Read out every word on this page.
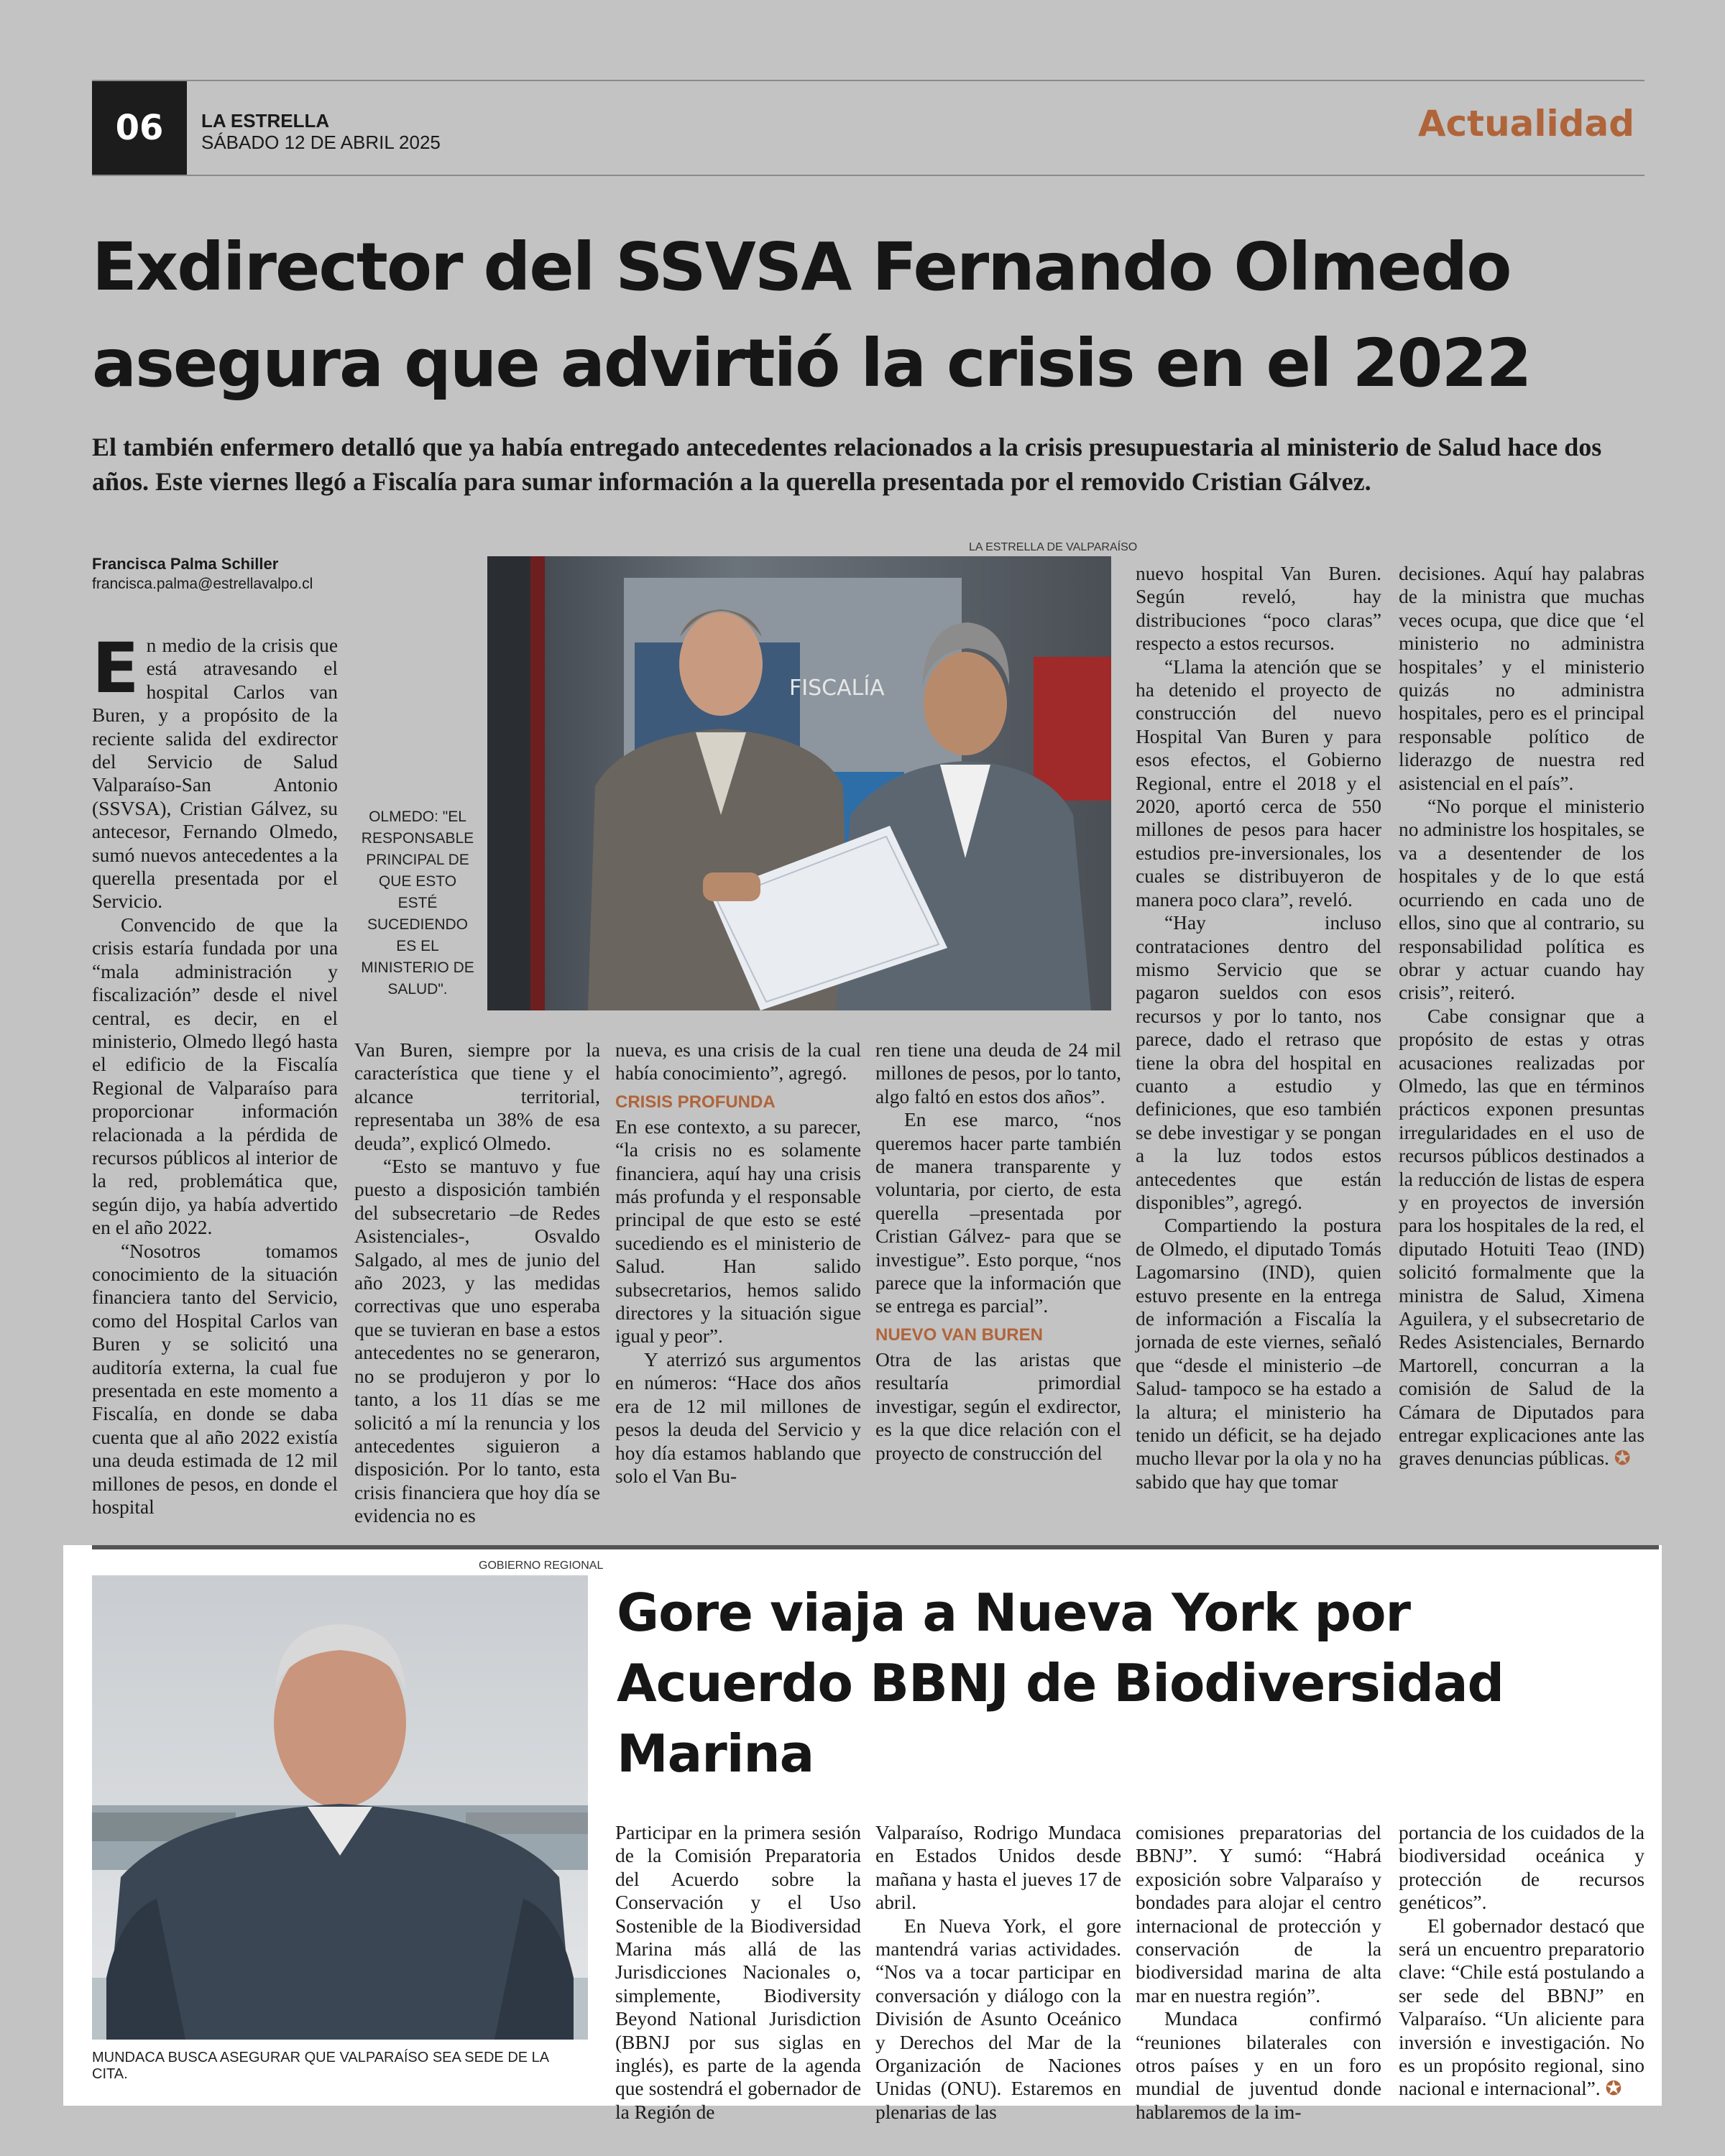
06	LA ESTRELLA
SÁBADO 12 DE ABRIL 2025	Actualidad
Exdirector del SSVSA Fernando Olmedo asegura que advirtió la crisis en el 2022
El también enfermero detalló que ya había entregado antecedentes relacionados a la crisis presupuestaria al ministerio de Salud hace dos años. Este viernes llegó a Fiscalía para sumar información a la querella presentada por el removido Cristian Gálvez.
Francisca Palma Schiller
francisca.palma@estrellavalpo.cl
LA ESTRELLA DE VALPARAÍSO
FISCALÍA
OLMEDO: "EL RESPONSABLE PRINCIPAL DE QUE ESTO ESTÉ SUCEDIENDO ES EL MINISTERIO DE SALUD".

En medio de la crisis que está atravesando el hospital Carlos van Buren, y a propósito de la reciente salida del exdirector del Servicio de Salud Valparaíso-San Antonio (SSVSA), Cristian Gálvez, su antecesor, Fernando Olmedo, sumó nuevos antecedentes a la querella presentada por el Servicio.

Convencido de que la crisis estaría fundada por una “mala administración y fiscalización” desde el nivel central, es decir, en el ministerio, Olmedo llegó hasta el edificio de la Fiscalía Regional de Valparaíso para proporcionar información relacionada a la pérdida de recursos públicos al interior de la red, problemática que, según dijo, ya había advertido en el año 2022.

“Nosotros tomamos conocimiento de la situación financiera tanto del Servicio, como del Hospital Carlos van Buren y se solicitó una auditoría externa, la cual fue presentada en este momento a Fiscalía, en donde se daba cuenta que al año 2022 existía una deuda estimada de 12 mil millones de pesos, en donde el hospital

Van Buren, siempre por la característica que tiene y el alcance territorial, representaba un 38% de esa deuda”, explicó Olmedo.

“Esto se mantuvo y fue puesto a disposición también del subsecretario –de Redes Asistenciales-, Osvaldo Salgado, al mes de junio del año 2023, y las medidas correctivas que uno esperaba que se tuvieran en base a estos antecedentes no se generaron, no se produjeron y por lo tanto, a los 11 días se me solicitó a mí la renuncia y los antecedentes siguieron a disposición. Por lo tanto, esta crisis financiera que hoy día se evidencia no es

nueva, es una crisis de la cual había conocimiento”, agregó.

CRISIS PROFUNDA

En ese contexto, a su parecer, “la crisis no es solamente financiera, aquí hay una crisis más profunda y el responsable principal de que esto se esté sucediendo es el ministerio de Salud. Han salido subsecretarios, hemos salido directores y la situación sigue igual y peor”.

Y aterrizó sus argumentos en números: “Hace dos años era de 12 mil millones de pesos la deuda del Servicio y hoy día estamos hablando que solo el Van Bu-

ren tiene una deuda de 24 mil millones de pesos, por lo tanto, algo faltó en estos dos años”.

En ese marco, “nos queremos hacer parte también de manera transparente y voluntaria, por cierto, de esta querella –presentada por Cristian Gálvez- para que se investigue”. Esto porque, “nos parece que la información que se entrega es parcial”.

NUEVO VAN BUREN

Otra de las aristas que resultaría primordial investigar, según el exdirector, es la que dice relación con el proyecto de construcción del

nuevo hospital Van Buren. Según reveló, hay distribuciones “poco claras” respecto a estos recursos.

“Llama la atención que se ha detenido el proyecto de construcción del nuevo Hospital Van Buren y para esos efectos, el Gobierno Regional, entre el 2018 y el 2020, aportó cerca de 550 millones de pesos para hacer estudios pre-inversionales, los cuales se distribuyeron de manera poco clara”, reveló.

“Hay incluso contrataciones dentro del mismo Servicio que se pagaron sueldos con esos recursos y por lo tanto, nos parece, dado el retraso que tiene la obra del hospital en cuanto a estudio y definiciones, que eso también se debe investigar y se pongan a la luz todos estos antecedentes que están disponibles”, agregó.

Compartiendo la postura de Olmedo, el diputado Tomás Lagomarsino (IND), quien estuvo presente en la entrega de información a Fiscalía la jornada de este viernes, señaló que “desde el ministerio –de Salud- tampoco se ha estado a la altura; el ministerio ha tenido un déficit, se ha dejado mucho llevar por la ola y no ha sabido que hay que tomar

decisiones. Aquí hay palabras de la ministra que muchas veces ocupa, que dice que ‘el ministerio no administra hospitales’ y el ministerio quizás no administra hospitales, pero es el principal responsable político de liderazgo de nuestra red asistencial en el país”.

“No porque el ministerio no administre los hospitales, se va a desentender de los hospitales y de lo que está ocurriendo en cada uno de ellos, sino que al contrario, su responsabilidad política es obrar y actuar cuando hay crisis”, reiteró.

Cabe consignar que a propósito de estas y otras acusaciones realizadas por Olmedo, las que en términos prácticos exponen presuntas irregularidades en el uso de recursos públicos destinados a la reducción de listas de espera y en proyectos de inversión para los hospitales de la red, el diputado Hotuiti Teao (IND) solicitó formalmente que la ministra de Salud, Ximena Aguilera, y el subsecretario de Redes Asistenciales, Bernardo Martorell, concurran a la comisión de Salud de la Cámara de Diputados para entregar explicaciones ante las graves denuncias públicas. ✪

GOBIERNO REGIONAL
MUNDACA BUSCA ASEGURAR QUE VALPARAÍSO SEA SEDE DE LA CITA.
Gore viaja a Nueva York por Acuerdo BBNJ de Biodiversidad Marina

Participar en la primera sesión de la Comisión Preparatoria del Acuerdo sobre la Conservación y el Uso Sostenible de la Biodiversidad Marina más allá de las Jurisdicciones Nacionales o, simplemente, Biodiversity Beyond National Jurisdiction (BBNJ por sus siglas en inglés), es parte de la agenda que sostendrá el gobernador de la Región de

Valparaíso, Rodrigo Mundaca en Estados Unidos desde mañana y hasta el jueves 17 de abril.

En Nueva York, el gore mantendrá varias actividades. “Nos va a tocar participar en conversación y diálogo con la División de Asunto Oceánico y Derechos del Mar de la Organización de Naciones Unidas (ONU). Estaremos en plenarias de las

comisiones preparatorias del BBNJ”. Y sumó: “Habrá exposición sobre Valparaíso y bondades para alojar el centro internacional de protección y conservación de la biodiversidad marina de alta mar en nuestra región”.

Mundaca confirmó “reuniones bilaterales con otros países y en un foro mundial de juventud donde hablaremos de la im-

portancia de los cuidados de la biodiversidad oceánica y protección de recursos genéticos”.

El gobernador destacó que será un encuentro preparatorio clave: “Chile está postulando a ser sede del BBNJ” en Valparaíso. “Un aliciente para inversión e investigación. No es un propósito regional, sino nacional e internacional”. ✪
